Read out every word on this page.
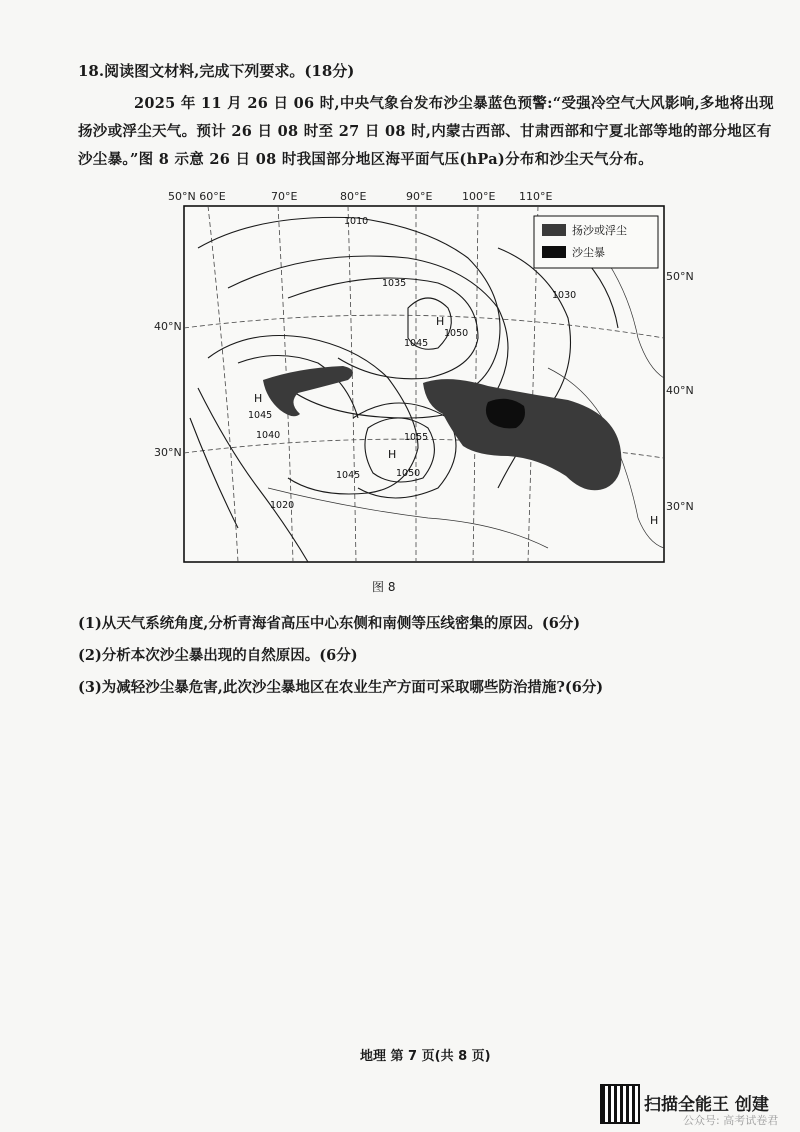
18.阅读图文材料,完成下列要求。(18分)
2025 年 11 月 26 日 06 时,中央气象台发布沙尘暴蓝色预警:“受强冷空气大风影响,多地将出现扬沙或浮尘天气。预计 26 日 08 时至 27 日 08 时,内蒙古西部、甘肃西部和宁夏北部等地的部分地区有沙尘暴。”图 8 示意 26 日 08 时我国部分地区海平面气压(hPa)分布和沙尘天气分布。
50°N 60°E	70°E	80°E	90°E	100°E 110°E
40°N
30°N
50°N
40°N
30°N
H
H
H
H
1010
1035
1050
1045
1045
1040	1055
1050
1045
1020
1030
扬沙或浮尘
沙尘暴
图 8
(1)从天气系统角度,分析青海省高压中心东侧和南侧等压线密集的原因。(6分)
(2)分析本次沙尘暴出现的自然原因。(6分)
(3)为减轻沙尘暴危害,此次沙尘暴地区在农业生产方面可采取哪些防治措施?(6分)
地理 第 7 页(共 8 页)
扫描全能王 创建
公众号: 高考试卷君
